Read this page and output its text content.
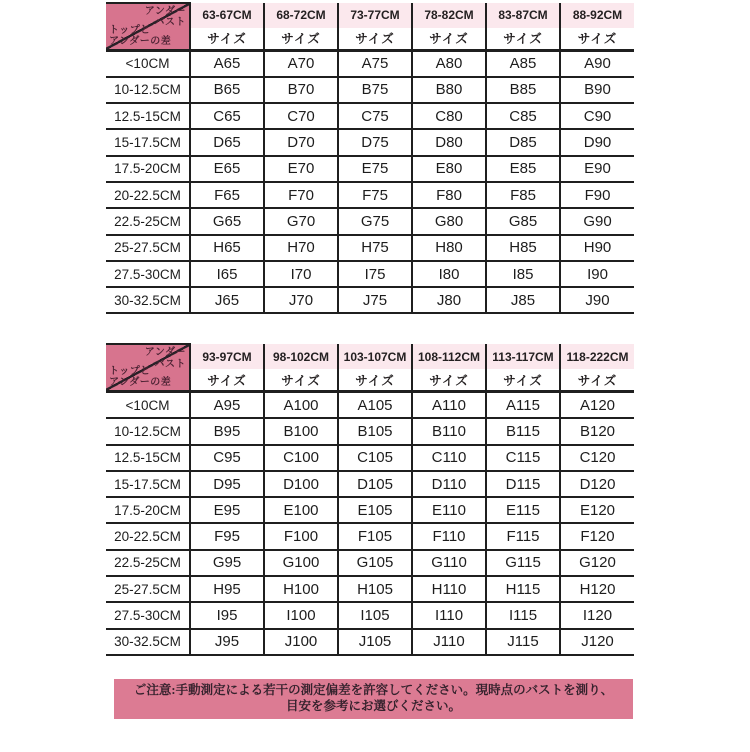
アンダー
バスト
トップと
アンダーの差	63-67CM	68-72CM	73-77CM	78-82CM	83-87CM	88-92CM
	サイズ	サイズ	サイズ	サイズ	サイズ	サイズ
<10CM	A65	A70	A75	A80	A85	A90
10-12.5CM	B65	B70	B75	B80	B85	B90
12.5-15CM	C65	C70	C75	C80	C85	C90
15-17.5CM	D65	D70	D75	D80	D85	D90
17.5-20CM	E65	E70	E75	E80	E85	E90
20-22.5CM	F65	F70	F75	F80	F85	F90
22.5-25CM	G65	G70	G75	G80	G85	G90
25-27.5CM	H65	H70	H75	H80	H85	H90
27.5-30CM	I65	I70	I75	I80	I85	I90
30-32.5CM	J65	J70	J75	J80	J85	J90
アンダー
バスト
トップと
アンダーの差	93-97CM	98-102CM	103-107CM	108-112CM	113-117CM	118-222CM
	サイズ	サイズ	サイズ	サイズ	サイズ	サイズ
<10CM	A95	A100	A105	A110	A115	A120
10-12.5CM	B95	B100	B105	B110	B115	B120
12.5-15CM	C95	C100	C105	C110	C115	C120
15-17.5CM	D95	D100	D105	D110	D115	D120
17.5-20CM	E95	E100	E105	E110	E115	E120
20-22.5CM	F95	F100	F105	F110	F115	F120
22.5-25CM	G95	G100	G105	G110	G115	G120
25-27.5CM	H95	H100	H105	H110	H115	H120
27.5-30CM	I95	I100	I105	I110	I115	I120
30-32.5CM	J95	J100	J105	J110	J115	J120
ご注意:手動測定による若干の測定偏差を許容してください。現時点のバストを測り、
目安を参考にお選びください。
